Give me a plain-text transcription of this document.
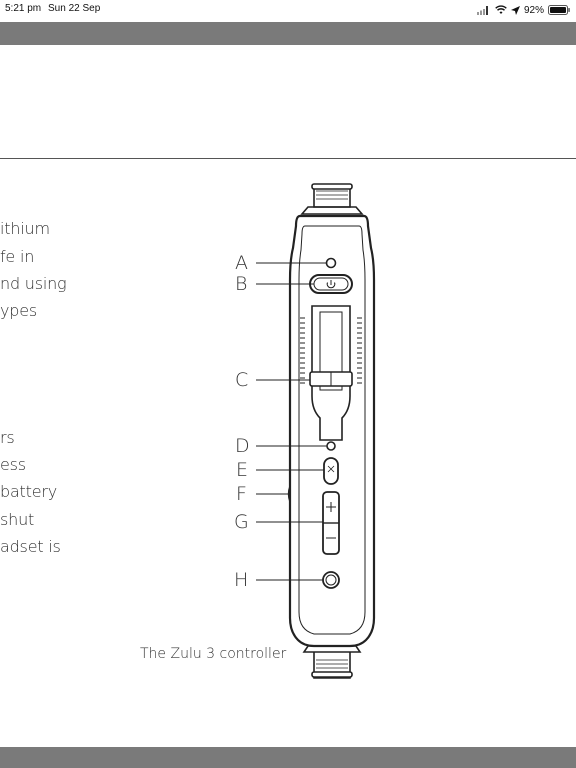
5:21 pm Sun 22 Sep	92%
ithium
fe in
nd using
ypes
rs
ess
battery
shut
adset is
A
B
C
D
E
F
G
H
The Zulu 3 controller
